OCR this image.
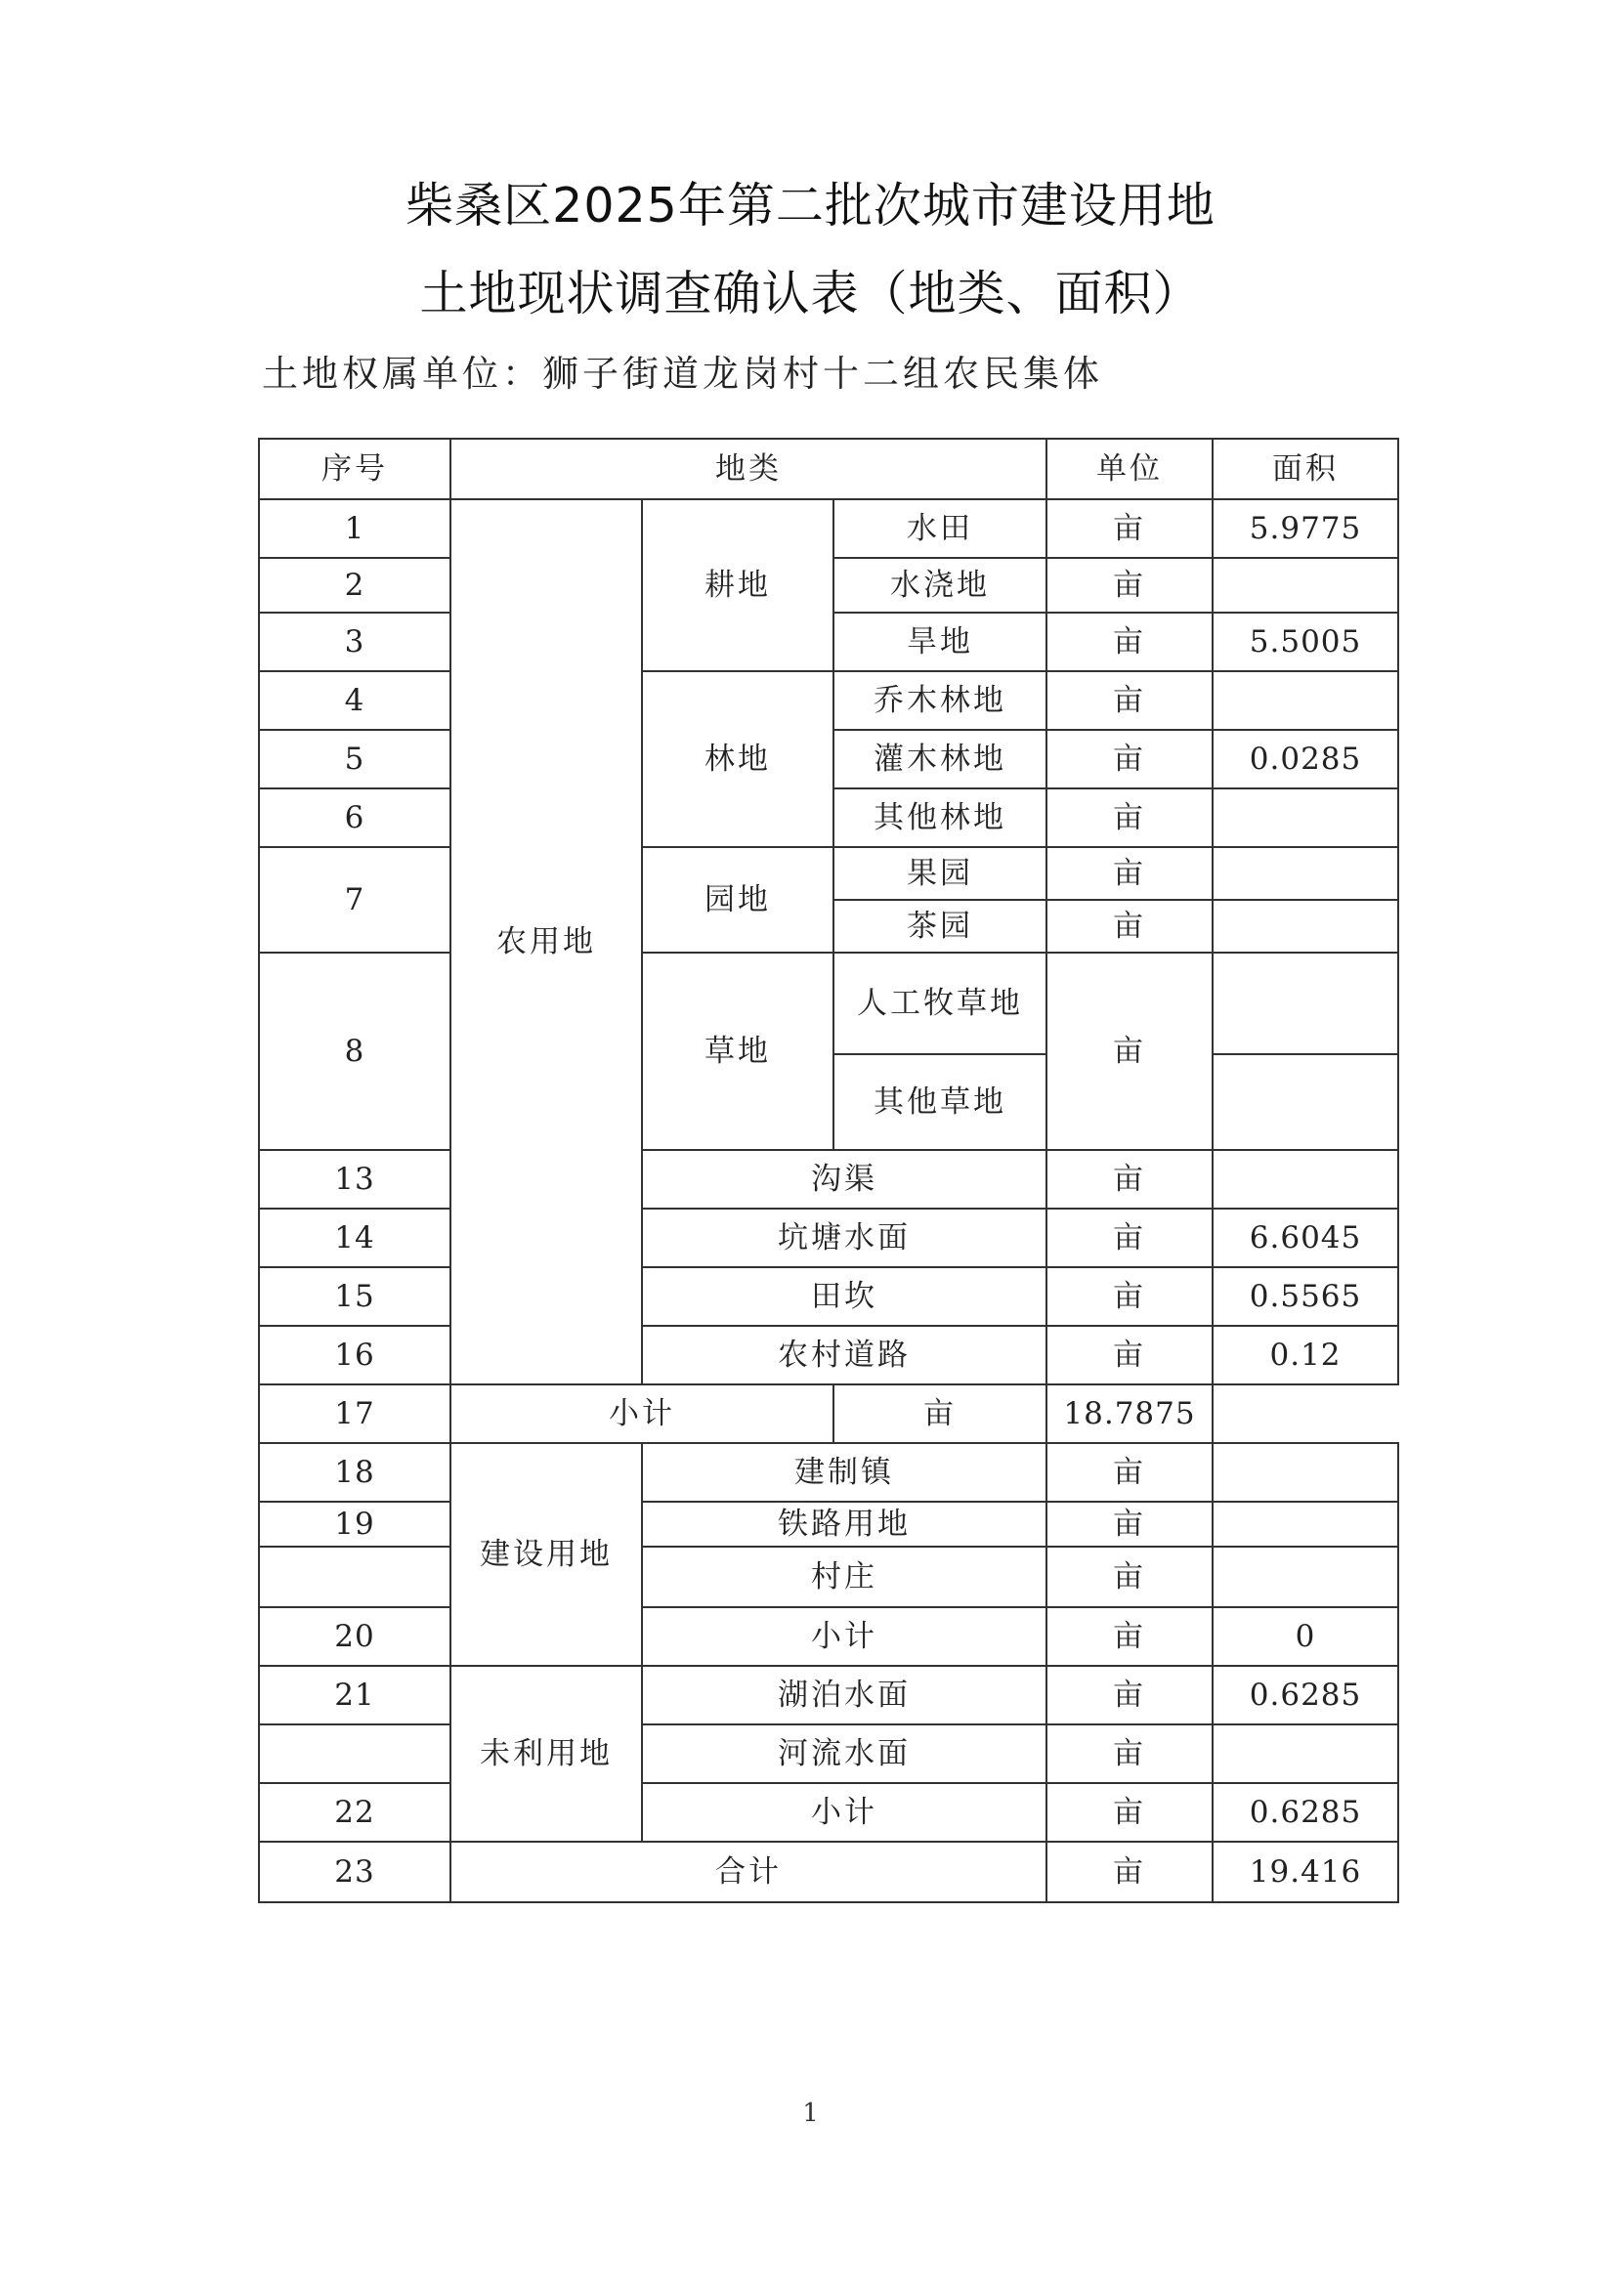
柴桑区2025年第二批次城市建设用地
土地现状调查确认表（地类、面积）
土地权属单位：狮子街道龙岗村十二组农民集体
序号	地类			单位	面积
1	农用地	耕地	水田	亩	5.9775
2			水浇地	亩	
3			旱地	亩	5.5005
4		林地	乔木林地	亩	
5			灌木林地	亩	0.0285
6			其他林地	亩	
7		园地	果园	亩	
			茶园	亩	
8		草地	人工牧草地	亩	
			其他草地		
13		沟渠		亩	
14		坑塘水面		亩	6.6045
15		田坎		亩	0.5565
16		农村道路		亩	0.12
17	小计		亩	18.7875	
18	建设用地	建制镇		亩	
19		铁路用地		亩	
		村庄		亩	
20		小计		亩	0
21	未利用地	湖泊水面		亩	0.6285
		河流水面		亩	
22		小计		亩	0.6285
23	合计			亩	19.416
1
